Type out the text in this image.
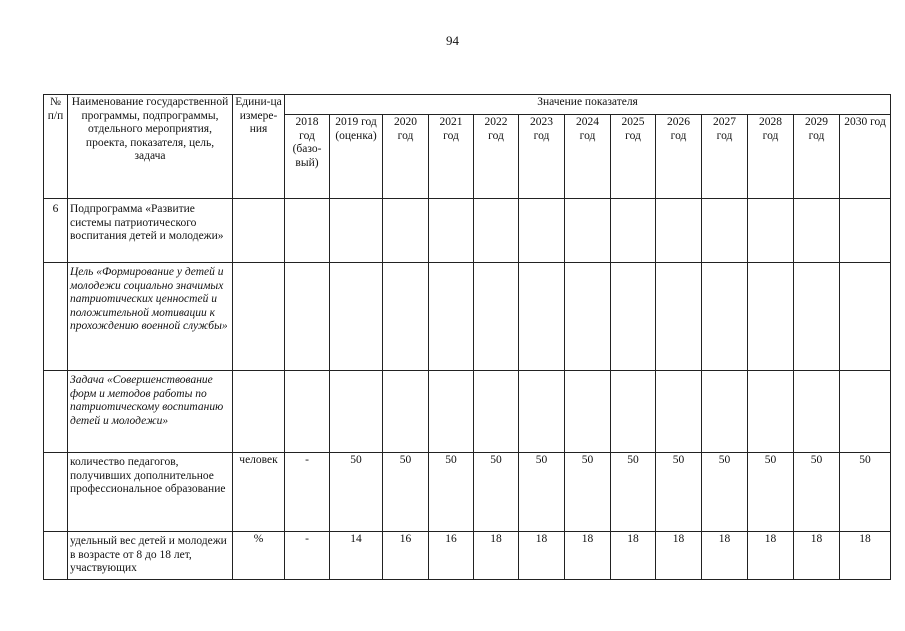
94
№ п/п	Наименование государственной программы, подпрограммы, отдельного мероприятия, проекта, показателя, цель, задача	Едини-ца измере-ния	Значение показателя												
			2018 год (базо-вый)	2019 год (оценка)	2020 год	2021 год	2022 год	2023 год	2024 год	2025 год	2026 год	2027 год	2028 год	2029 год	2030 год
6	Подпрограмма «Развитие системы патриотического воспитания детей и молодежи»														
	Цель «Формирование у детей и молодежи социально значимых патриотических ценностей и положительной мотивации к прохождению военной службы»														
	Задача «Совершенствование форм и методов работы по патриотическому воспитанию детей и молодежи»														
	количество педагогов, получивших дополнительное профессиональное образование	человек	-	50	50	50	50	50	50	50	50	50	50	50	50
	удельный вес детей и молодежи в возрасте от 8 до 18 лет, участвующих	%	-	14	16	16	18	18	18	18	18	18	18	18	18
